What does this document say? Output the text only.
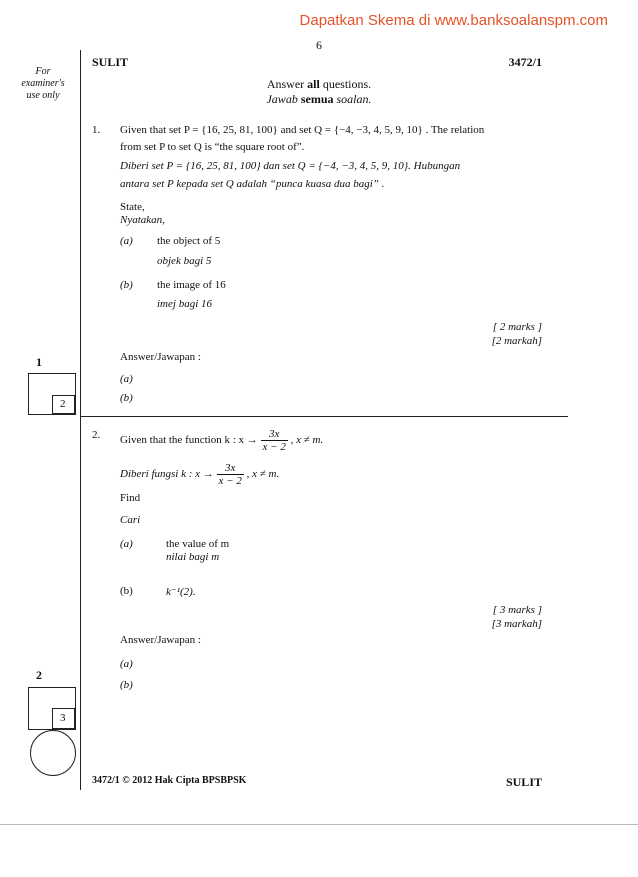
Dapatkan Skema di www.banksoalanspm.com
6
SULIT	3472/1
For
examiner's
use only
Answer all questions.
Jawab semua soalan.
1. Given that set P = {16, 25, 81, 100} and set Q = {−4, −3, 4, 5, 9, 10} . The relation
from set P to set Q is “the square root of”.
Diberi set P = {16, 25, 81, 100} dan set Q = {−4, −3, 4, 5, 9, 10}. Hubungan
antara set P kepada set Q adalah “punca kuasa dua bagi” .
State,
Nyatakan,
(a) the object of 5
objek bagi 5
(b) the image of 16
imej bagi 16
[ 2 marks ]
[2 markah]
Answer/Jawapan :
(a)
(b)
1
2
2. Given that the function k : $x \to \frac{3x}{x - 2}$ , x ≠ m.
Diberi fungsi k : $x \to \frac{3x}{x - 2}$ , x ≠ m.
Find
Cari
(a)	the value of m
nilai bagi m
(b)	k⁻¹(2).
[ 3 marks ]
[3 markah]
Answer/Jawapan :
(a)
(b)
2
3
3472/1 © 2012 Hak Cipta BPSBPSK	SULIT
